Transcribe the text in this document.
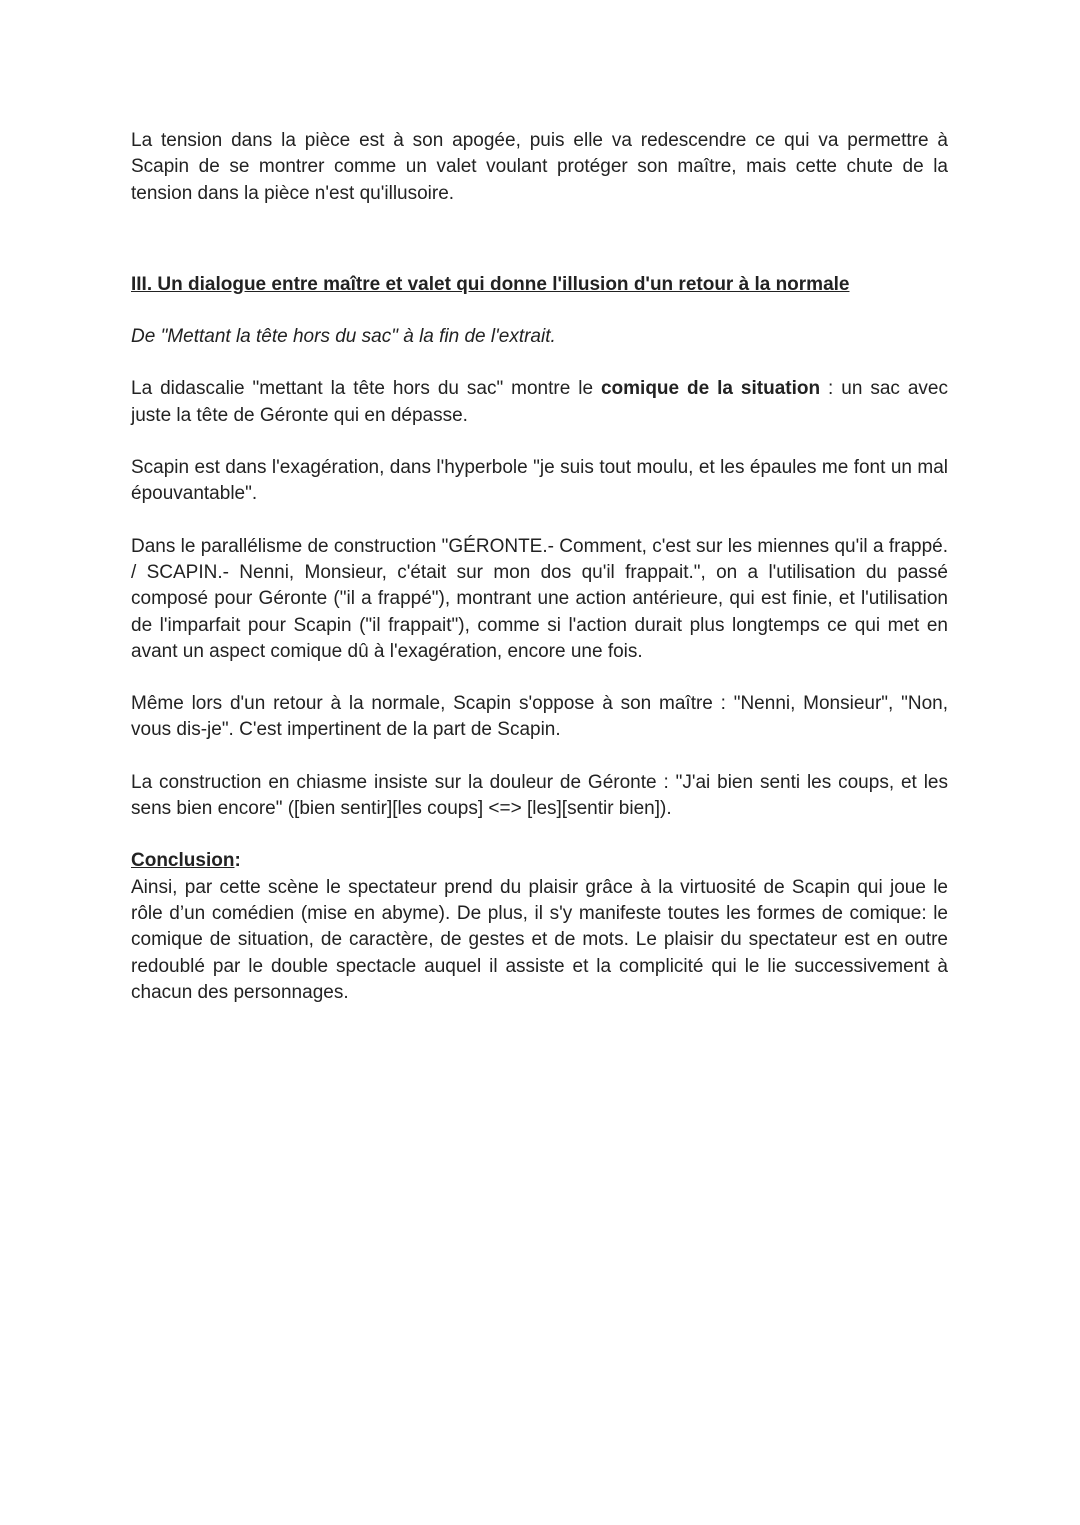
La tension dans la pièce est à son apogée, puis elle va redescendre ce qui va permettre à Scapin de se montrer comme un valet voulant protéger son maître, mais cette chute de la tension dans la pièce n'est qu'illusoire.

III. Un dialogue entre maître et valet qui donne l'illusion d'un retour à la normale

De "Mettant la tête hors du sac" à la fin de l'extrait.

La didascalie "mettant la tête hors du sac" montre le comique de la situation : un sac avec juste la tête de Géronte qui en dépasse.

Scapin est dans l'exagération, dans l'hyperbole "je suis tout moulu, et les épaules me font un mal épouvantable".

Dans le parallélisme de construction "GÉRONTE.- Comment, c'est sur les miennes qu'il a frappé. / SCAPIN.- Nenni, Monsieur, c'était sur mon dos qu'il frappait.", on a l'utilisation du passé composé pour Géronte ("il a frappé"), montrant une action antérieure, qui est finie, et l'utilisation de l'imparfait pour Scapin ("il frappait"), comme si l'action durait plus longtemps ce qui met en avant un aspect comique dû à l'exagération, encore une fois.

Même lors d'un retour à la normale, Scapin s'oppose à son maître : "Nenni, Monsieur", "Non, vous dis-je". C'est impertinent de la part de Scapin.

La construction en chiasme insiste sur la douleur de Géronte : "J'ai bien senti les coups, et les sens bien encore" ([bien sentir][les coups] <=> [les][sentir bien]).

Conclusion:

Ainsi, par cette scène le spectateur prend du plaisir grâce à la virtuosité de Scapin qui joue le rôle d’un comédien (mise en abyme). De plus, il s'y manifeste toutes les formes de comique: le comique de situation, de caractère, de gestes et de mots. Le plaisir du spectateur est en outre redoublé par le double spectacle auquel il assiste et la complicité qui le lie successivement à chacun des personnages.
